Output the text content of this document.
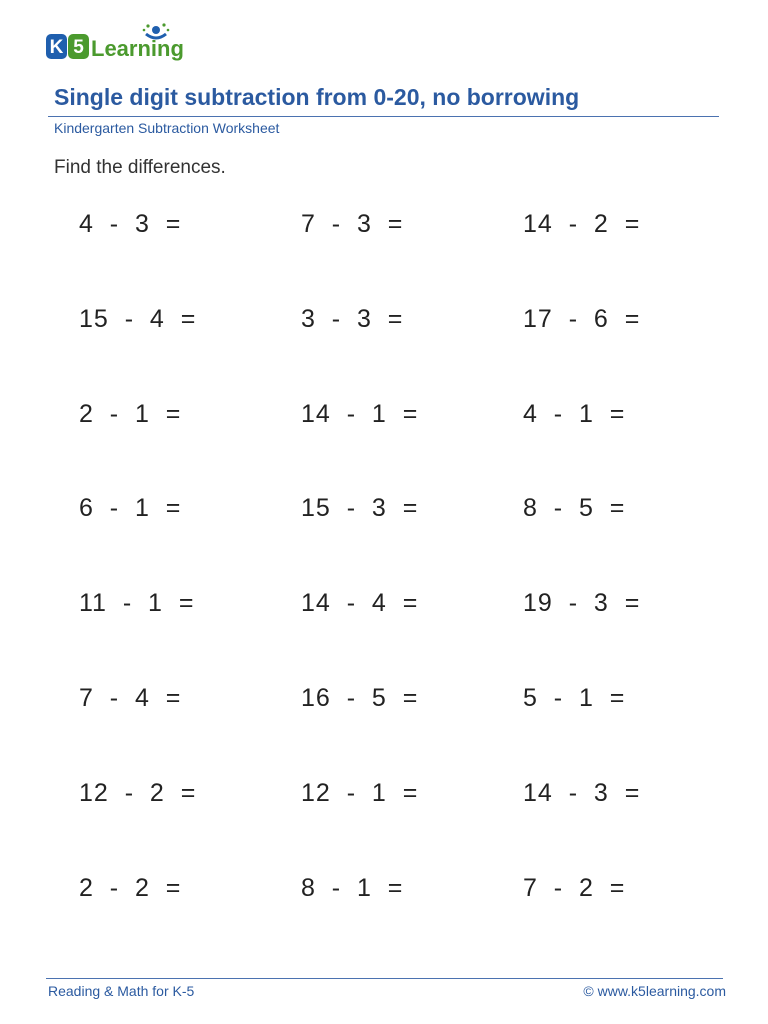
K 5 Learning
Single digit subtraction from 0-20, no borrowing
Kindergarten Subtraction Worksheet
Find the differences.
4  -  3  =	7  -  3  =	14  -  2  =
15  -  4  =	3  -  3  =	17  -  6  =
2  -  1  =	14  -  1  =	4  -  1  =
6  -  1  =	15  -  3  =	8  -  5  =
11  -  1  =	14  -  4  =	19  -  3  =
7  -  4  =	16  -  5  =	5  -  1  =
12  -  2  =	12  -  1  =	14  -  3  =
2  -  2  =	8  -  1  =	7  -  2  =
Reading & Math for K-5	© www.k5learning.com
